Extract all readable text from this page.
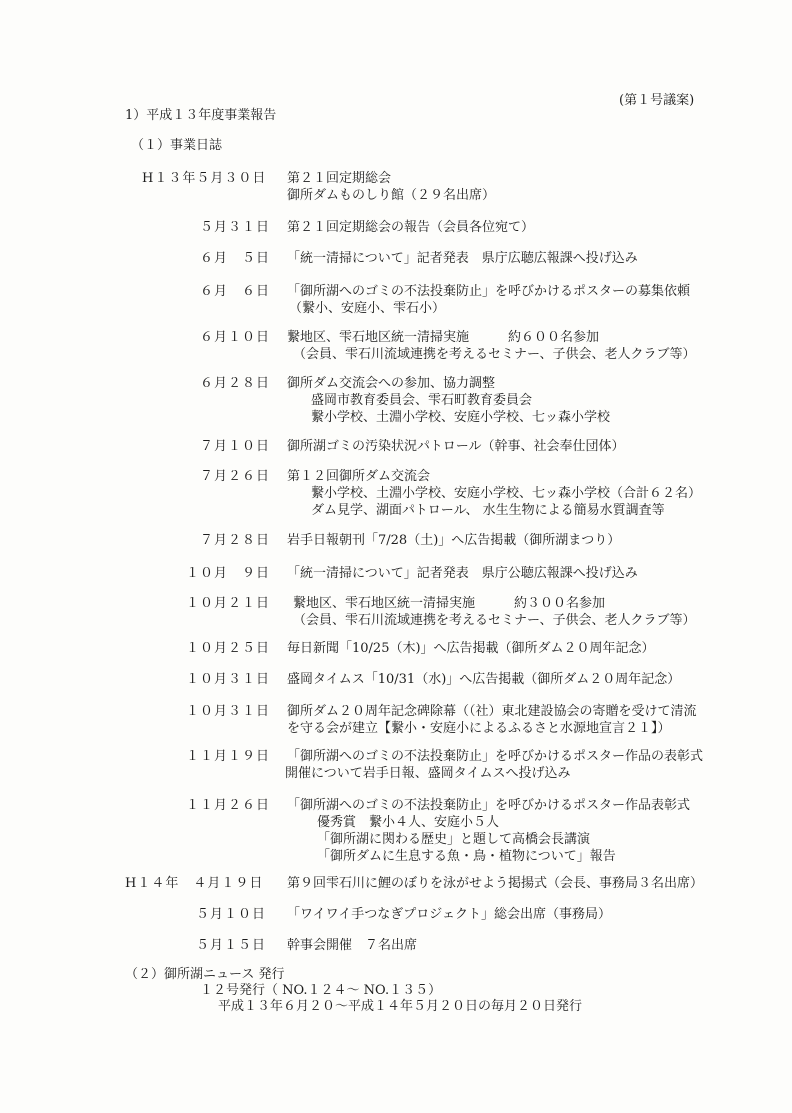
(第１号議案)
1）平成１３年度事業報告
（１）事業日誌
H１３年５月３０日 第２１回定期総会
御所ダムものしり館（２９名出席）
５月３１日 第２１回定期総会の報告（会員各位宛て）
６月　５日 「統一清掃について」記者発表　県庁広聴広報課へ投げ込み
６月　６日 「御所湖へのゴミの不法投棄防止」を呼びかけるポスターの募集依頼
（繋小、安庭小、雫石小）
６月１０日 繋地区、雫石地区統一清掃実施　　　約６００名参加
（会員、雫石川流域連携を考えるセミナー、子供会、老人クラブ等）
６月２８日 御所ダム交流会への参加、協力調整
盛岡市教育委員会、雫石町教育委員会
繋小学校、土淵小学校、安庭小学校、七ッ森小学校
７月１０日 御所湖ゴミの汚染状況パトロール（幹事、社会奉仕団体）
７月２６日 第１２回御所ダム交流会
繋小学校、土淵小学校、安庭小学校、七ッ森小学校（合計６２名）
ダム見学、湖面パトロール、 水生生物による簡易水質調査等
７月２８日 岩手日報朝刊「7/28（土)」へ広告掲載（御所湖まつり）
１０月　９日 「統一清掃について」記者発表　県庁公聴広報課へ投げ込み
１０月２１日 繋地区、雫石地区統一清掃実施　　　約３００名参加
（会員、雫石川流域連携を考えるセミナー、子供会、老人クラブ等）
１０月２５日 毎日新聞「10/25（木)」へ広告掲載（御所ダム２０周年記念）
１０月３１日 盛岡タイムス「10/31（水)」へ広告掲載（御所ダム２０周年記念）
１０月３１日 御所ダム２０周年記念碑除幕（（社）東北建設協会の寄贈を受けて清流
を守る会が建立【繋小・安庭小によるふるさと水源地宣言２１】）
１１月１９日 「御所湖へのゴミの不法投棄防止」を呼びかけるポスター作品の表彰式
開催について岩手日報、盛岡タイムスへ投げ込み
１１月２６日 「御所湖へのゴミの不法投棄防止」を呼びかけるポスター作品表彰式
優秀賞　繋小４人、安庭小５人
「御所湖に関わる歴史」と題して高橋会長講演
「御所ダムに生息する魚・鳥・植物について」報告
H１４年　４月１９日 第９回雫石川に鯉のぼりを泳がせよう掲揚式（会長、事務局３名出席）
５月１０日 「ワイワイ手つなぎプロジェクト」総会出席（事務局）
５月１５日 幹事会開催　７名出席
（２）御所湖ニュース 発行
１２号発行（ NO.１２４～ NO.１３５）
平成１３年６月２０～平成１４年５月２０日の毎月２０日発行
